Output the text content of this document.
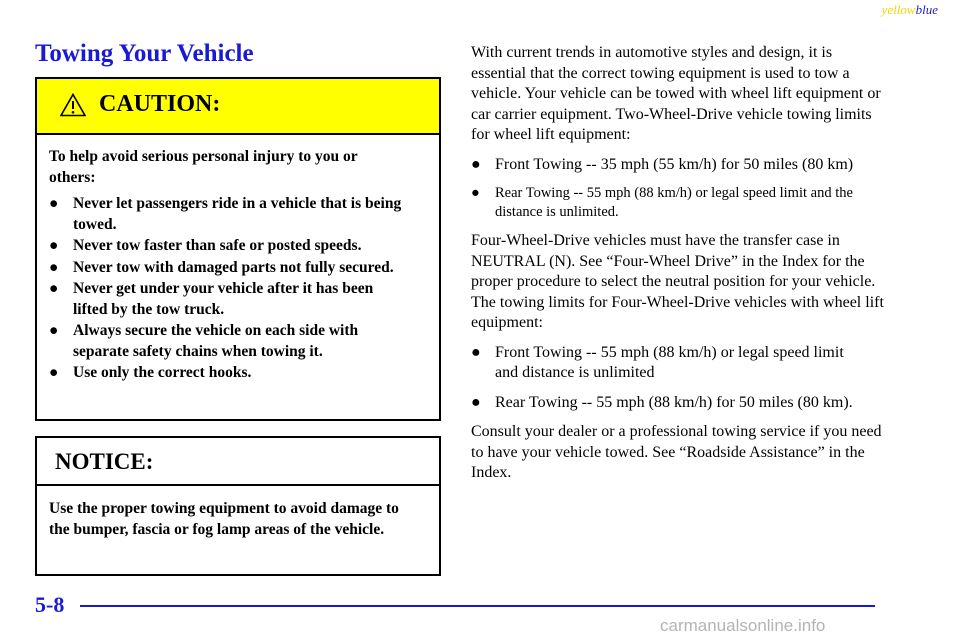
yellowblue
Towing Your Vehicle
CAUTION:

To help avoid serious personal injury to you or others:

● Never let passengers ride in a vehicle that is being towed.
● Never tow faster than safe or posted speeds.
● Never tow with damaged parts not fully secured.
● Never get under your vehicle after it has been lifted by the tow truck.
● Always secure the vehicle on each side with separate safety chains when towing it.
● Use only the correct hooks.
NOTICE:
Use the proper towing equipment to avoid damage to the bumper, fascia or fog lamp areas of the vehicle.

With current trends in automotive styles and design, it is essential that the correct towing equipment is used to tow a vehicle. Your vehicle can be towed with wheel lift equipment or car carrier equipment. Two-Wheel-Drive vehicle towing limits for wheel lift equipment:

● Front Towing -- 35 mph (55 km/h) for 50 miles (80 km)
● Rear Towing -- 55 mph (88 km/h) or legal speed limit and the distance is unlimited.

Four-Wheel-Drive vehicles must have the transfer case in NEUTRAL (N). See “Four-Wheel Drive” in the Index for the proper procedure to select the neutral position for your vehicle. The towing limits for Four-Wheel-Drive vehicles with wheel lift equipment:

● Front Towing -- 55 mph (88 km/h) or legal speed limit and distance is unlimited
● Rear Towing -- 55 mph (88 km/h) for 50 miles (80 km).

Consult your dealer or a professional towing service if you need to have your vehicle towed. See “Roadside Assistance” in the Index.

5-8
carmanualsonline.info
